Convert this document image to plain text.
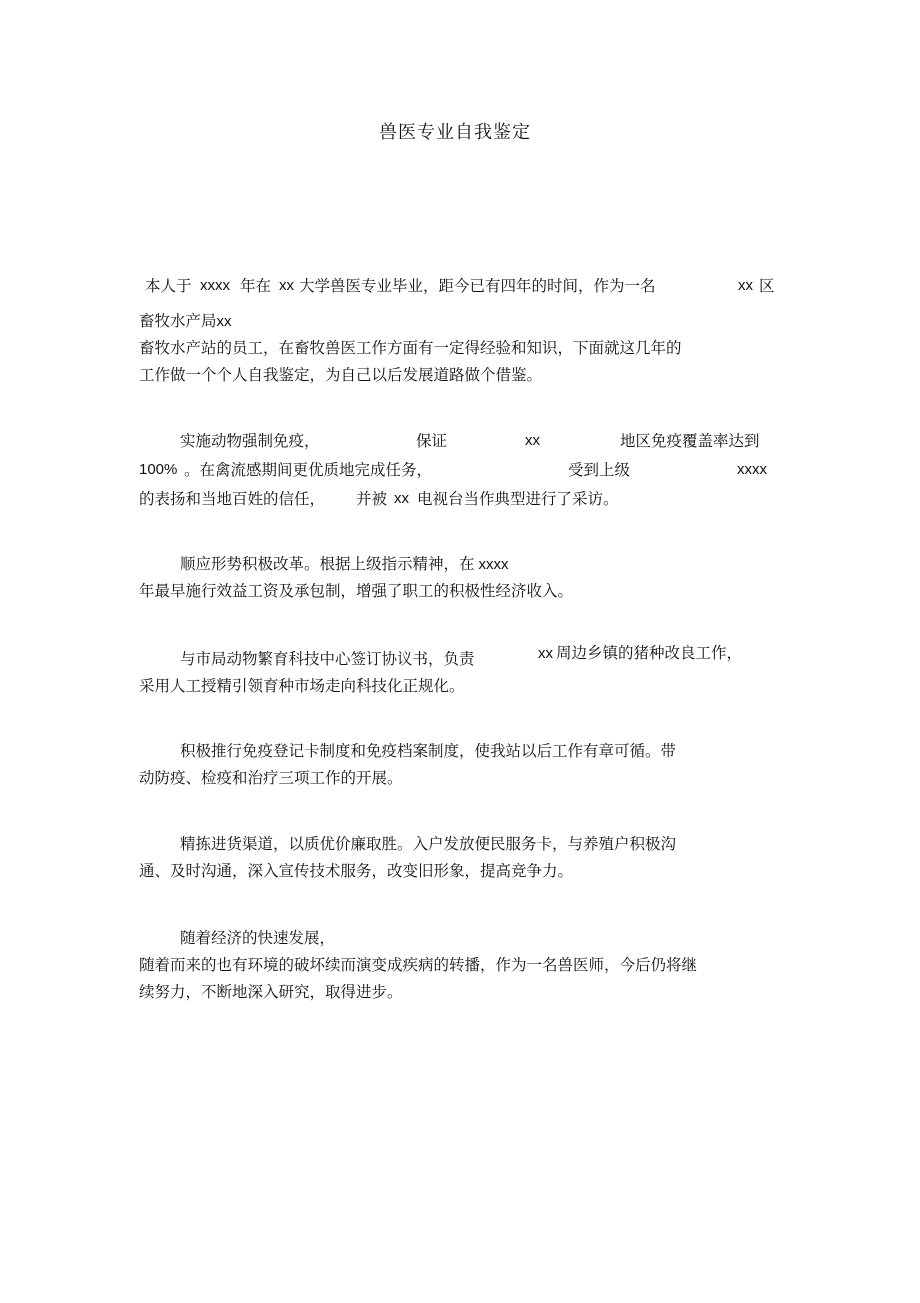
兽医专业自我鉴定
本人于 xxxx 年在 xx 大学兽医专业毕业，距今已有四年的时间，作为一名	xx 区
畜牧水产局xx
畜牧水产站的员工，在畜牧兽医工作方面有一定得经验和知识，下面就这几年的
工作做一个个人自我鉴定，为自己以后发展道路做个借鉴。
实施动物强制免疫，	保证	xx	地区免疫覆盖率达到
100% 。在禽流感期间更优质地完成任务，	受到上级	xxxx
的表扬和当地百姓的信任， 并被 xx 电视台当作典型进行了采访。
顺应形势积极改革。根据上级指示精神，在 xxxx
年最早施行效益工资及承包制，增强了职工的积极性经济收入。
与市局动物繁育科技中心签订协议书，负责	xx 周边乡镇的猪种改良工作，
采用人工授精引领育种市场走向科技化正规化。
积极推行免疫登记卡制度和免疫档案制度，使我站以后工作有章可循。带
动防疫、检疫和治疗三项工作的开展。
精拣进货渠道，以质优价廉取胜。入户发放便民服务卡，与养殖户积极沟
通、及时沟通，深入宣传技术服务，改变旧形象，提高竞争力。
随着经济的快速发展，
随着而来的也有环境的破坏续而演变成疾病的转播，作为一名兽医师，今后仍将继
续努力，不断地深入研究，取得进步。
